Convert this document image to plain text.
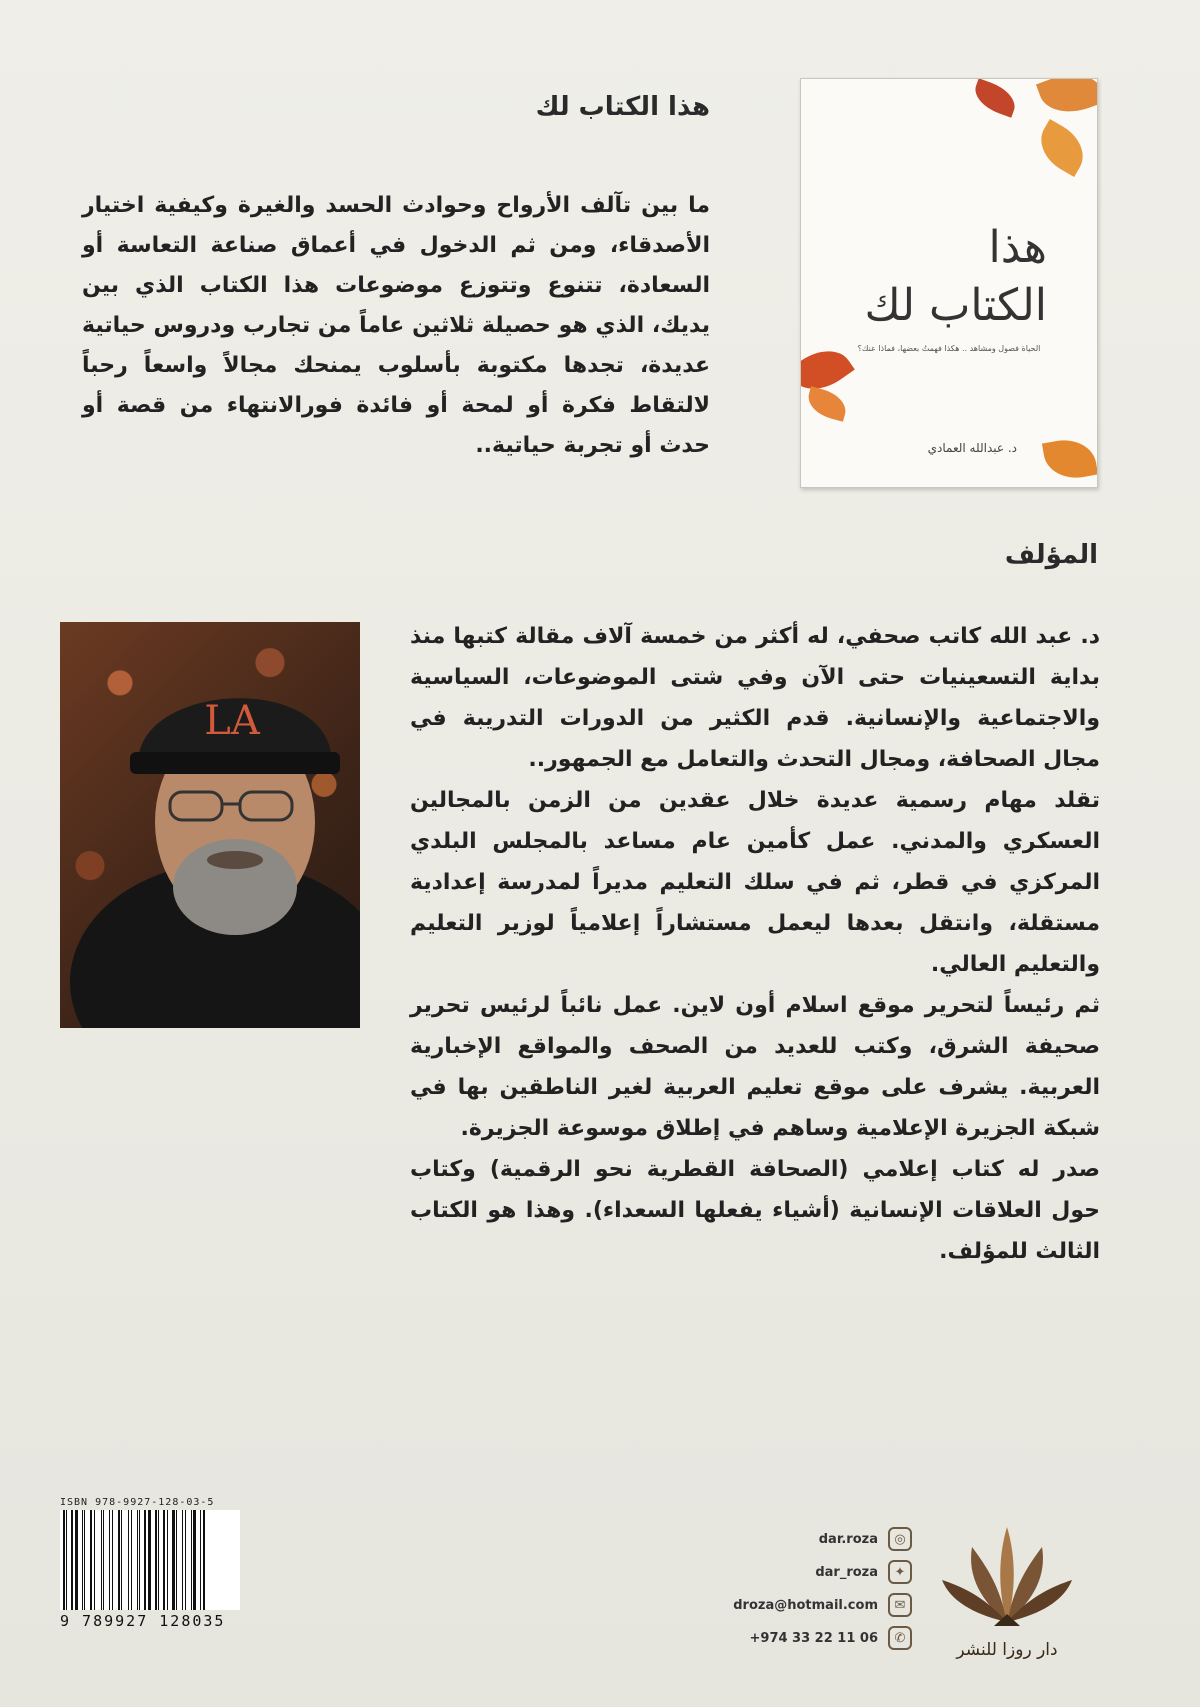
هذا
الكتاب لك
الحياة فصول ومشاهد .. هكذا فهمتُ بعضها، فماذا عنك؟
د. عبدالله العمادي
هذا الكتاب لك
ما بين تآلف الأرواح وحوادث الحسد والغيرة وكيفية اختيار الأصدقاء، ومن ثم الدخول في أعماق صناعة التعاسة أو السعادة، تتنوع وتتوزع موضوعات هذا الكتاب الذي بين يديك، الذي هو حصيلة ثلاثين عاماً من تجارب ودروس حياتية عديدة، تجدها مكتوبة بأسلوب يمنحك مجالاً واسعاً رحباً لالتقاط فكرة أو لمحة أو فائدة فورالانتهاء من قصة أو حدث أو تجربة حياتية..
المؤلف
LA

د. عبد الله كاتب صحفي، له أكثر من خمسة آلاف مقالة كتبها منذ بداية التسعينيات حتى الآن وفي شتى الموضوعات، السياسية والاجتماعية والإنسانية. قدم الكثير من الدورات التدريبة في مجال الصحافة، ومجال التحدث والتعامل مع الجمهور..

تقلد مهام رسمية عديدة خلال عقدين من الزمن بالمجالين العسكري والمدني. عمل كأمين عام مساعد بالمجلس البلدي المركزي في قطر، ثم في سلك التعليم مديراً لمدرسة إعدادية مستقلة، وانتقل بعدها ليعمل مستشاراً إعلامياً لوزير التعليم والتعليم العالي.

ثم رئيساً لتحرير موقع اسلام أون لاين. عمل نائباً لرئيس تحرير صحيفة الشرق، وكتب للعديد من الصحف والمواقع الإخبارية العربية. يشرف على موقع تعليم العربية لغير الناطقين بها في شبكة الجزيرة الإعلامية وساهم في إطلاق موسوعة الجزيرة.

صدر له كتاب إعلامي (الصحافة القطرية نحو الرقمية) وكتاب حول العلاقات الإنسانية (أشياء يفعلها السعداء). وهذا هو الكتاب الثالث للمؤلف.

ISBN 978-9927-128-03-5
9 789927 128035
dar.roza	◎
dar_roza	✦
droza@hotmail.com	✉
+974 33 22 11 06	✆
دار روزا للنشر
